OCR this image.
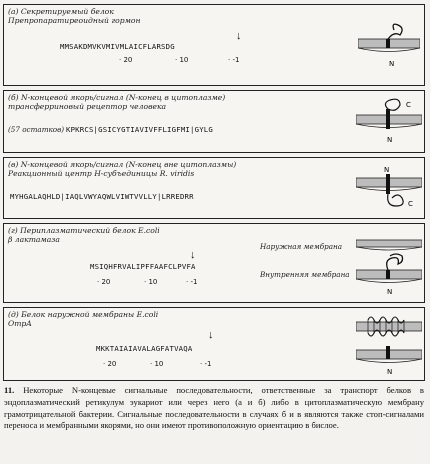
(а) Секретируемый белок
Препропаратиреоидный гормон
↓
MMSAKDMVKVMIVMLAICFLARSDG
· 20	· 10	· -1	N
(б) N-концевой якорь/сигнал (N-конец в цитоплазме)
трансферриновый рецептор человека
(57 остатков) KPKRCS|GSICYGTIAVIVFFLIGFMI|GYLG
C
N
(в) N-концевой якорь/сигнал (N-конец вне цитоплазмы)
Реакционный центр H-субъединицы R. viridis
MYHGALAQHLD|IAQLVWYAQWLVIWTVVLLY|LRREDRR
N
C
(г) Периплазматический белок E.coli
β лактамаза
↓
MSIQHFRVALIPFFAAFCLPVFA
· 20	· 10	· -1
Наружная мембрана
Внутренняя мембрана
N
(д) Белок наружной мембраны E.coli
OmpA
↓
MKKTAIAIAVALAGFATVAQA
· 20	· 10	· -1
N
11. Некоторые N-концевые сигнальные последовательности, ответственные за транспорт белков в эндоплазматический ретикулум эукариот или через него (а и б) либо в цитоплазматическую мембрану грамотрицательной бактерии. Сигнальные последовательности в случаях б и в являются также стоп-сигналами переноса и мембранными якорями, но они имеют противоположную ориентацию в бислое.
